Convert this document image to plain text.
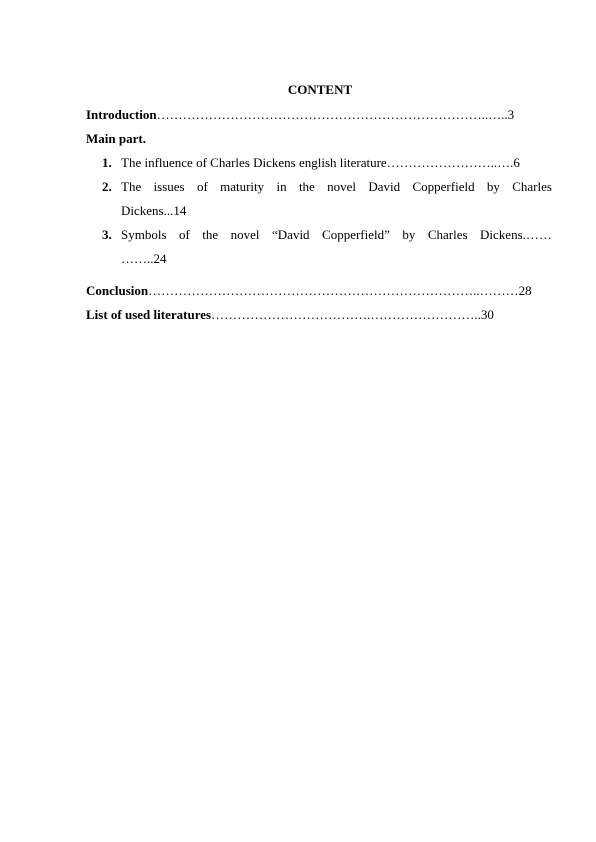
CONTENT
Introduction…………………………………………………………………..…..3
Main part.
1. The influence of Charles Dickens english literature……………………..….6
2. The issues of maturity in the novel David Copperfield by Charles
Dickens...14
3. Symbols of the novel “David Copperfield” by Charles Dickens.……
……..24
Conclusion…………………………………………………………………..………28
List of used literatures……………………………….……………………..30
